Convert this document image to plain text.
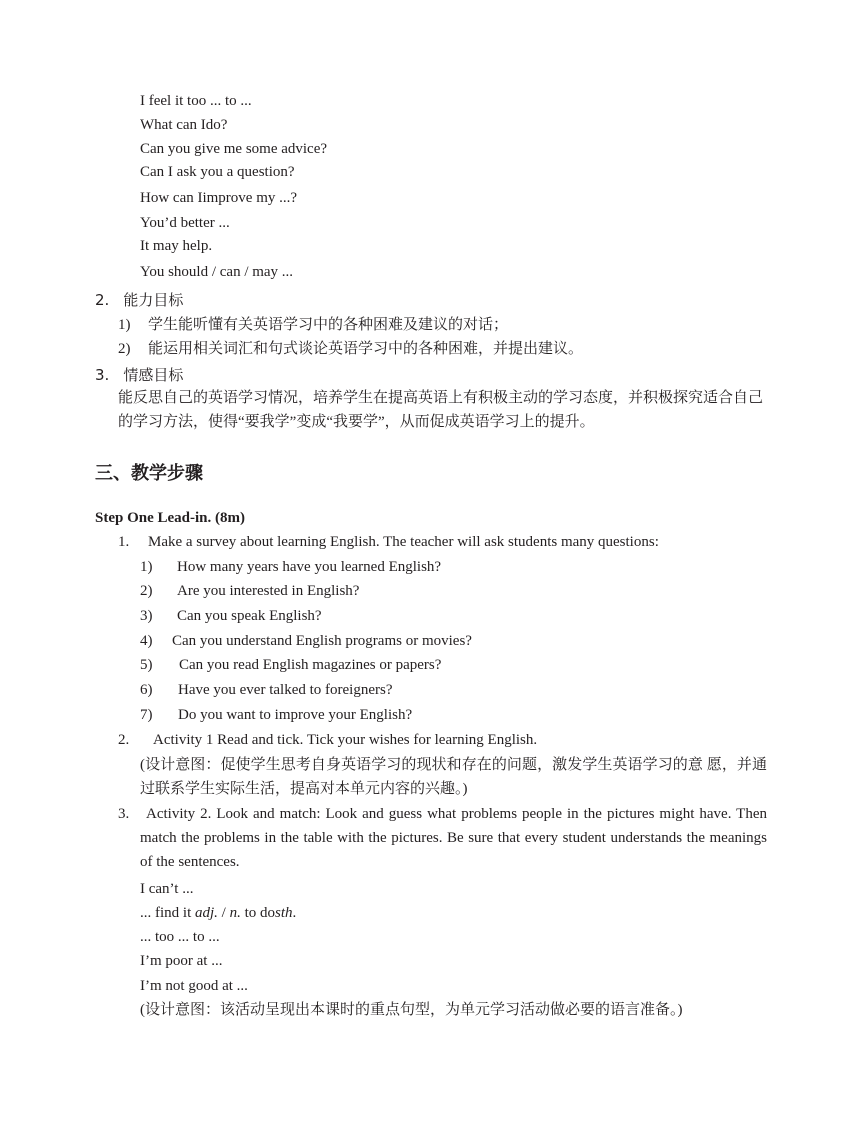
I feel it too ... to ...
What can Ido?
Can you give me some advice?
Can I ask you a question?
How can Iimprove my ...?
You’d better ...
It may help.
You should / can / may ...
2. 能力目标
1) 学生能听懂有关英语学习中的各种困难及建议的对话；
2) 能运用相关词汇和句式谈论英语学习中的各种困难，并提出建议。
3. 情感目标
能反思自己的英语学习情况，培养学生在提高英语上有积极主动的学习态度，并积极探究适合自己的学习方法，使得“要我学”变成“我要学”，从而促成英语学习上的提升。
三、教学步骤
Step One Lead-in. (8m)
1. Make a survey about learning English. The teacher will ask students many questions:
1) How many years have you learned English?
2) Are you interested in English?
3) Can you speak English?
4) Can you understand English programs or movies?
5) Can you read English magazines or papers?
6) Have you ever talked to foreigners?
7) Do you want to improve your English?
2. Activity 1 Read and tick. Tick your wishes for learning English.
(设计意图：促使学生思考自身英语学习的现状和存在的问题，激发学生英语学习的意 愿，并通过联系学生实际生活，提高对本单元内容的兴趣。)
3.	Activity 2. Look and match: Look and guess what problems people in the pictures might have. Then match the problems in the table with the pictures. Be sure that every student understands the meanings of the sentences.
I can’t ...
... find it adj. / n. to dosth.
... too ... to ...
I’m poor at ...
I’m not good at ...
(设计意图：该活动呈现出本课时的重点句型，为单元学习活动做必要的语言准备。)
